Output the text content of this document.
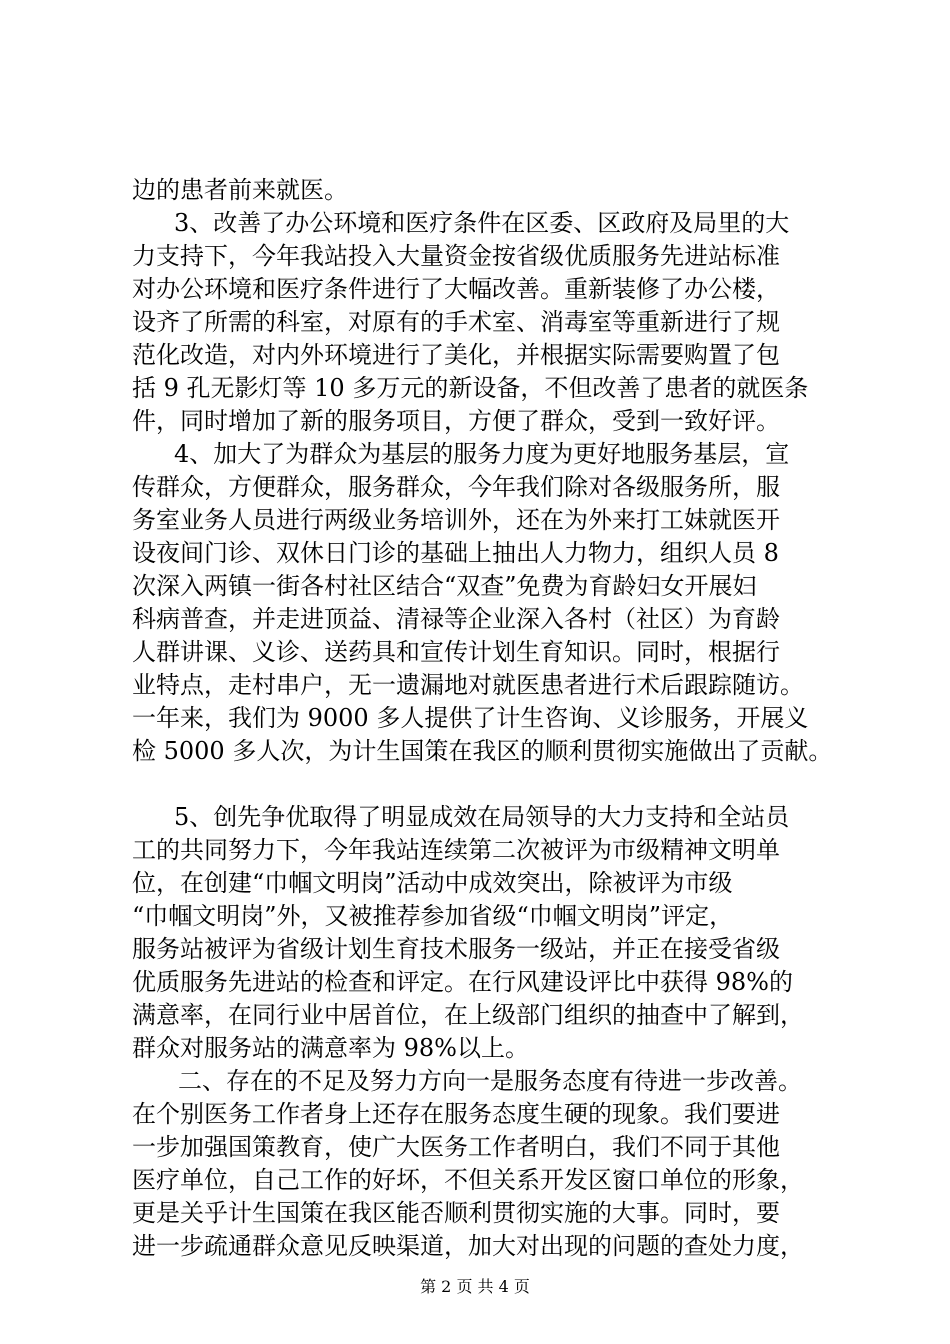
边的患者前来就医。
3、改善了办公环境和医疗条件在区委、区政府及局里的大
力支持下，今年我站投入大量资金按省级优质服务先进站标准
对办公环境和医疗条件进行了大幅改善。重新装修了办公楼，
设齐了所需的科室，对原有的手术室、消毒室等重新进行了规
范化改造，对内外环境进行了美化，并根据实际需要购置了包
括 9 孔无影灯等 10 多万元的新设备，不但改善了患者的就医条
件，同时增加了新的服务项目，方便了群众，受到一致好评。
4、加大了为群众为基层的服务力度为更好地服务基层，宣
传群众，方便群众，服务群众，今年我们除对各级服务所，服
务室业务人员进行两级业务培训外，还在为外来打工妹就医开
设夜间门诊、双休日门诊的基础上抽出人力物力，组织人员 8
次深入两镇一街各村社区结合“双查”免费为育龄妇女开展妇
科病普查，并走进顶益、清禄等企业深入各村（社区）为育龄
人群讲课、义诊、送药具和宣传计划生育知识。同时，根据行
业特点，走村串户，无一遗漏地对就医患者进行术后跟踪随访。
一年来，我们为 9000 多人提供了计生咨询、义诊服务，开展义
检 5000 多人次，为计生国策在我区的顺利贯彻实施做出了贡献。
5、创先争优取得了明显成效在局领导的大力支持和全站员
工的共同努力下，今年我站连续第二次被评为市级精神文明单
位，在创建“巾帼文明岗”活动中成效突出，除被评为市级
“巾帼文明岗”外，又被推荐参加省级“巾帼文明岗”评定，
服务站被评为省级计划生育技术服务一级站，并正在接受省级
优质服务先进站的检查和评定。在行风建设评比中获得 98%的
满意率，在同行业中居首位，在上级部门组织的抽查中了解到，
群众对服务站的满意率为 98%以上。
二、存在的不足及努力方向一是服务态度有待进一步改善。
在个别医务工作者身上还存在服务态度生硬的现象。我们要进
一步加强国策教育，使广大医务工作者明白，我们不同于其他
医疗单位，自己工作的好坏，不但关系开发区窗口单位的形象，
更是关乎计生国策在我区能否顺利贯彻实施的大事。同时，要
进一步疏通群众意见反映渠道，加大对出现的问题的查处力度，
第 2 页 共 4 页
